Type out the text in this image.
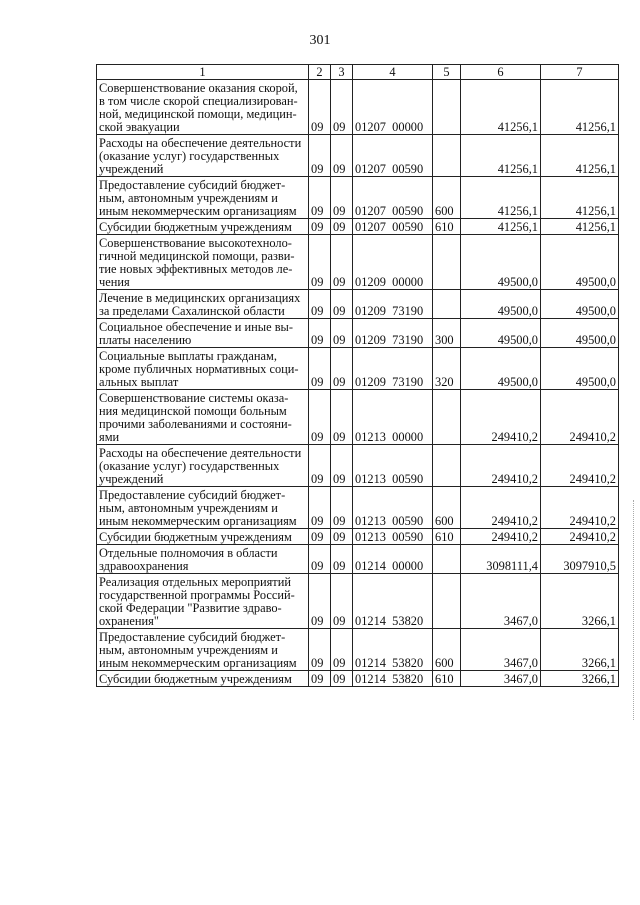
301
1	2	3	4	5	6	7

Совершенствование оказания скорой,
в том числе скорой специализирован-
ной, медицинской помощи, медицин-
ской эвакуации	09	09	01207  00000		41256,1	41256,1

Расходы на обеспечение деятельности
(оказание услуг) государственных
учреждений	09	09	01207  00590		41256,1	41256,1

Предоставление субсидий бюджет-
ным, автономным учреждениям и
иным некоммерческим организациям	09	09	01207  00590	600	41256,1	41256,1

Субсидии бюджетным учреждениям	09	09	01207  00590	610	41256,1	41256,1

Совершенствование высокотехноло-
гичной медицинской помощи, разви-
тие новых эффективных методов ле-
чения	09	09	01209  00000		49500,0	49500,0

Лечение в медицинских организациях
за пределами Сахалинской области	09	09	01209  73190		49500,0	49500,0

Социальное обеспечение и иные вы-
платы населению	09	09	01209  73190	300	49500,0	49500,0

Социальные выплаты гражданам,
кроме публичных нормативных соци-
альных выплат	09	09	01209  73190	320	49500,0	49500,0

Совершенствование системы оказа-
ния медицинской помощи больным
прочими заболеваниями и состояни-
ями	09	09	01213  00000		249410,2	249410,2

Расходы на обеспечение деятельности
(оказание услуг) государственных
учреждений	09	09	01213  00590		249410,2	249410,2

Предоставление субсидий бюджет-
ным, автономным учреждениям и
иным некоммерческим организациям	09	09	01213  00590	600	249410,2	249410,2

Субсидии бюджетным учреждениям	09	09	01213  00590	610	249410,2	249410,2

Отдельные полномочия в области
здравоохранения	09	09	01214  00000		3098111,4	3097910,5

Реализация отдельных мероприятий
государственной программы Россий-
ской Федерации "Развитие здраво-
охранения"	09	09	01214  53820		3467,0	3266,1

Предоставление субсидий бюджет-
ным, автономным учреждениям и
иным некоммерческим организациям	09	09	01214  53820	600	3467,0	3266,1

Субсидии бюджетным учреждениям	09	09	01214  53820	610	3467,0	3266,1
